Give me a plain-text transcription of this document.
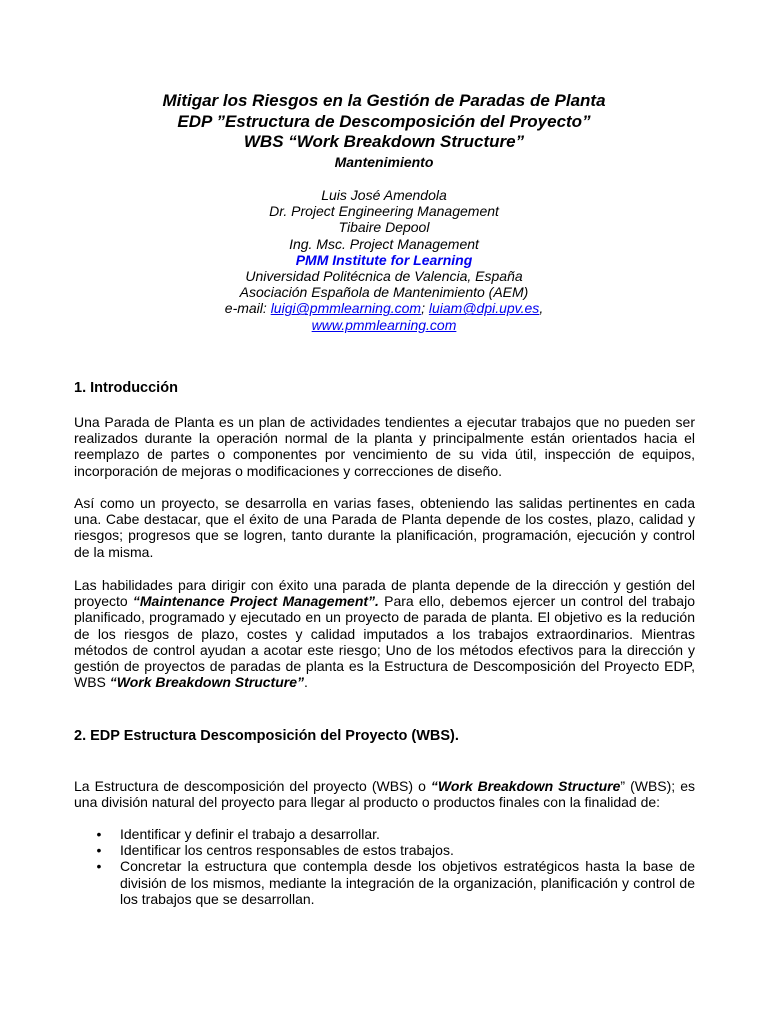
Mitigar los Riesgos en la Gestión de Paradas de Planta
EDP ”Estructura de Descomposición del Proyecto”
WBS “Work Breakdown Structure”
Mantenimiento
Luis José Amendola
Dr. Project Engineering Management
Tibaire Depool
Ing. Msc. Project Management
PMM Institute for Learning
Universidad Politécnica de Valencia, España
Asociación Española de Mantenimiento (AEM)
e-mail: luigi@pmmlearning.com; luiam@dpi.upv.es,
www.pmmlearning.com
1. Introducción
Una Parada de Planta es un plan de actividades tendientes a ejecutar trabajos que no pueden ser realizados durante la operación normal de la planta y principalmente están orientados hacia el reemplazo de partes o componentes por vencimiento de su vida útil, inspección de equipos, incorporación de mejoras o modificaciones y correcciones de diseño.
Así como un proyecto, se desarrolla en varias fases, obteniendo las salidas pertinentes en cada una. Cabe destacar, que el éxito de una Parada de Planta depende de los costes, plazo, calidad y riesgos; progresos que se logren, tanto durante la planificación, programación, ejecución y control de la misma.
Las habilidades para dirigir con éxito una parada de planta depende de la dirección y gestión del proyecto “Maintenance Project Management”. Para ello, debemos ejercer un control del trabajo planificado, programado y ejecutado en un proyecto de parada de planta. El objetivo es la redución de los riesgos de plazo, costes y calidad imputados a los trabajos extraordinarios. Mientras métodos de control ayudan a acotar este riesgo; Uno de los métodos efectivos para la dirección y gestión de proyectos de paradas de planta es la Estructura de Descomposición del Proyecto EDP, WBS “Work Breakdown Structure”.
2. EDP Estructura Descomposición del Proyecto (WBS).
La Estructura de descomposición del proyecto (WBS) o “Work Breakdown Structure” (WBS); es una división natural del proyecto para llegar al producto o productos finales con la finalidad de:
• Identificar y definir el trabajo a desarrollar.
• Identificar los centros responsables de estos trabajos.
• Concretar la estructura que contempla desde los objetivos estratégicos hasta la base de división de los mismos, mediante la integración de la organización, planificación y control de los trabajos que se desarrollan.
